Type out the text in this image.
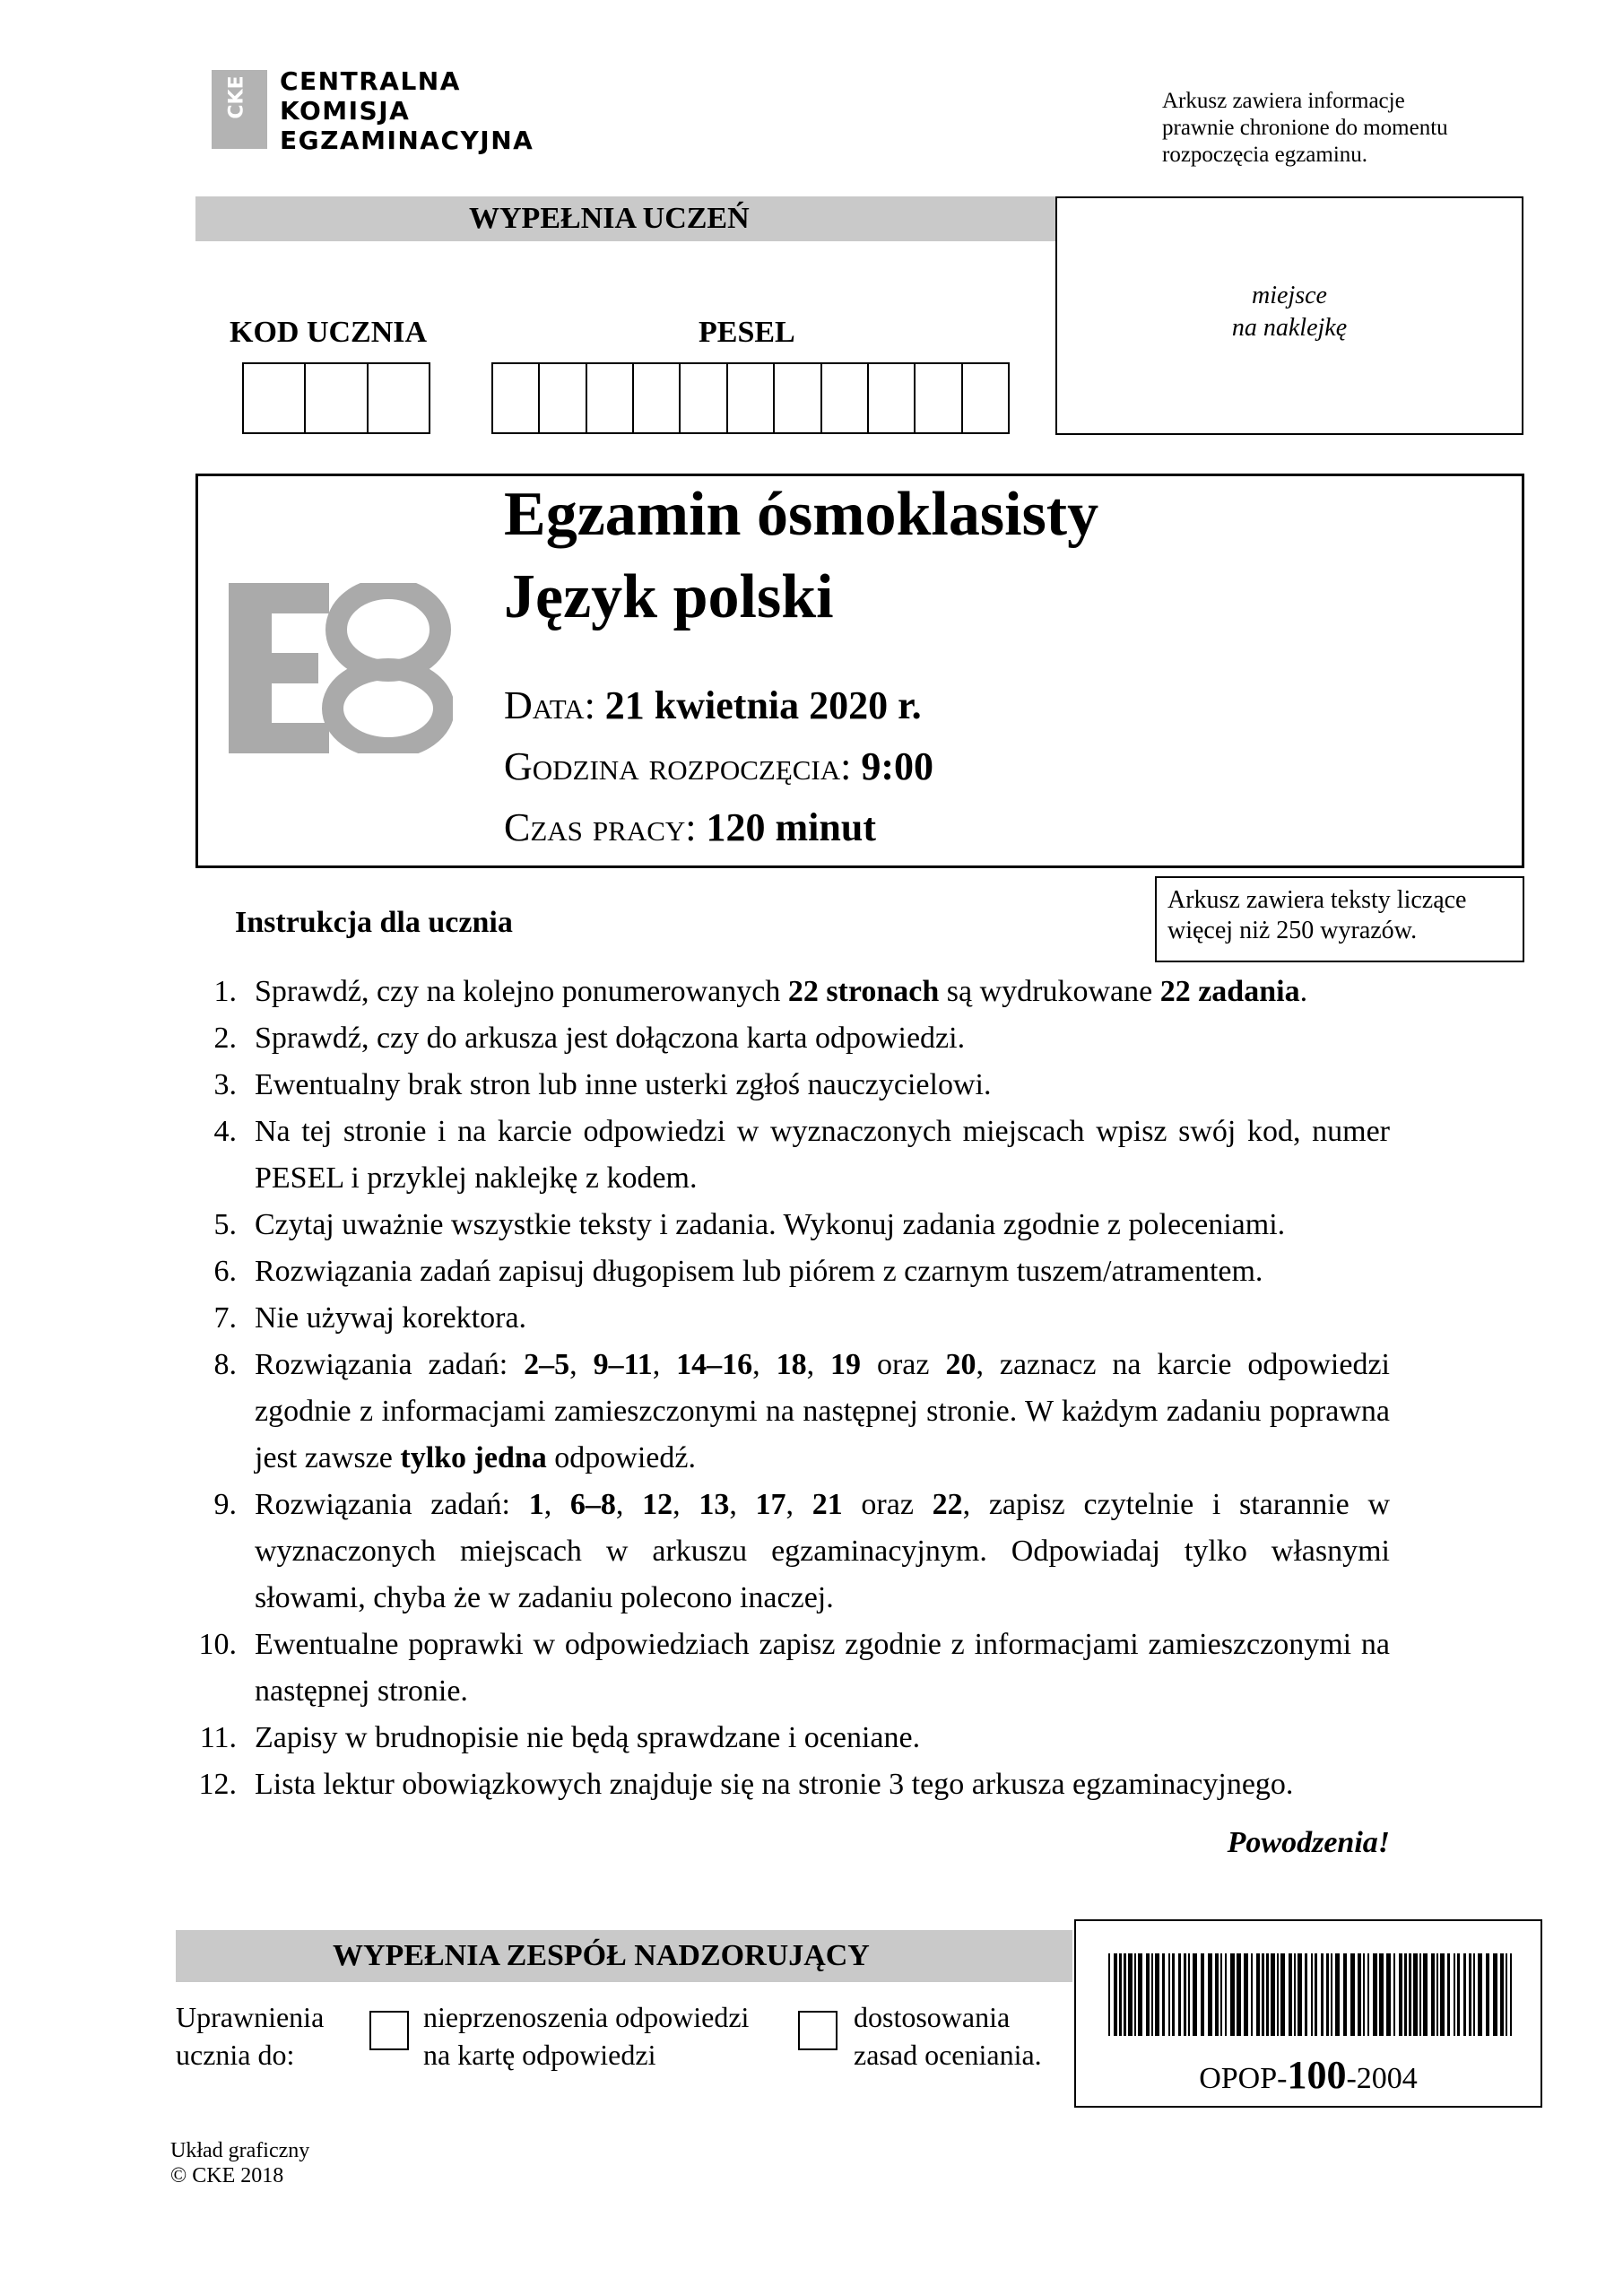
CKE CENTRALNA
KOMISJA
EGZAMINACYJNA
Arkusz zawiera informacje
prawnie chronione do momentu
rozpoczęcia egzaminu.
WYPEŁNIA UCZEŃ
miejsce
na naklejkę
KOD UCZNIA	PESEL
Egzamin ósmoklasisty
Język polski
Data: 21 kwietnia 2020 r.
Godzina rozpoczęcia: 9:00
Czas pracy: 120 minut
Instrukcja dla ucznia
Arkusz zawiera teksty liczące
więcej niż 250 wyrazów.
1. Sprawdź, czy na kolejno ponumerowanych 22 stronach są wydrukowane 22 zadania.
2. Sprawdź, czy do arkusza jest dołączona karta odpowiedzi.
3. Ewentualny brak stron lub inne usterki zgłoś nauczycielowi.
4. Na tej stronie i na karcie odpowiedzi w wyznaczonych miejscach wpisz swój kod, numer PESEL i przyklej naklejkę z kodem.
5. Czytaj uważnie wszystkie teksty i zadania. Wykonuj zadania zgodnie z poleceniami.
6. Rozwiązania zadań zapisuj długopisem lub piórem z czarnym tuszem/atramentem.
7. Nie używaj korektora.
8. Rozwiązania zadań: 2–5, 9–11, 14–16, 18, 19 oraz 20, zaznacz na karcie odpowiedzi zgodnie z informacjami zamieszczonymi na następnej stronie. W każdym zadaniu poprawna jest zawsze tylko jedna odpowiedź.
9. Rozwiązania zadań: 1, 6–8, 12, 13, 17, 21 oraz 22, zapisz czytelnie i starannie w wyznaczonych miejscach w arkuszu egzaminacyjnym. Odpowiadaj tylko własnymi słowami, chyba że w zadaniu polecono inaczej.
10. Ewentualne poprawki w odpowiedziach zapisz zgodnie z informacjami zamieszczonymi na następnej stronie.
11. Zapisy w brudnopisie nie będą sprawdzane i oceniane.
12. Lista lektur obowiązkowych znajduje się na stronie 3 tego arkusza egzaminacyjnego.
Powodzenia!
WYPEŁNIA ZESPÓŁ NADZORUJĄCY
Uprawnienia
ucznia do:
nieprzenoszenia odpowiedzi
na kartę odpowiedzi
dostosowania
zasad oceniania.
OPOP-100-2004
Układ graficzny
© CKE 2018
